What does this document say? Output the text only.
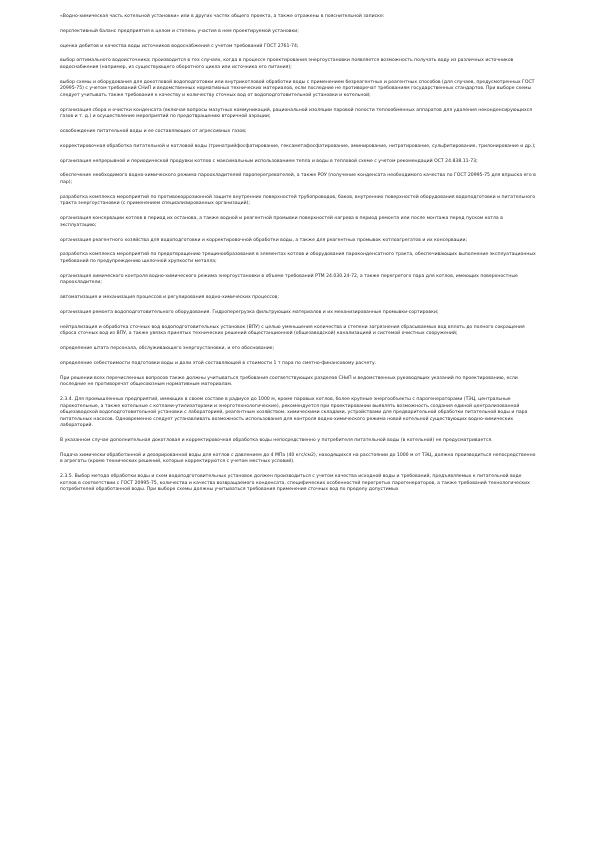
«Водно-химическая часть котельной установки» или в других частях общего проекта, а также отражены в пояснительной записке:

перспективный баланс предприятия в целом и степень участия в нем проектируемой установки;

оценка дебитов и качества воды источников водоснабжения с учетом требований ГОСТ 2761-74;

выбор оптимального водоисточника; производится в тех случаях, когда в процессе проектирования энергоустановки появляется возможность получать воду из различных источников водоснабжения (например, из существующего оборотного цикла или источника его питания);

выбор схемы и оборудования для докотловой водоподготовки или внутрикотловой обработки воды с применением безреагентных и реагентных способов (для случаев, предусмотренных ГОСТ 20995-75) с учетом требований СНиП и ведомственных нормативных технических материалов, если последние не противоречат требованиям государственных стандартов. При выборе схемы следует учитывать также требования к качеству и количеству сточных вод от водоподготовительной установки и котельной;

организация сбора и очистки конденсата (включая вопросы мазутных коммуникаций, рациональной изоляции паровой полости теплообменных аппаратов для удаления неконденсирующихся газов и т. д.) и осуществление мероприятий по предотвращению вторичной аэрации;

освобождение питательной воды и ее составляющих от агрессивных газов;

корректировочная обработка питательной и котловой воды (тринатрийфосфатирование, гексаметафосфатирование, аминирование, нитратирование, сульфитирование, трилонирование и др.);

организация непрерывной и периодической продувки котлов с максимальным использованием тепла и воды в тепловой схеме с учетом рекомендаций ОСТ 24.838.11-73;

обеспечение необходимого водно-химического режима пароохладителей пароперегревателей, а также РОУ (получение конденсата необходимого качества по ГОСТ 20995-75 для впрыска его в пар);

разработка комплекса мероприятий по противокоррозионной защите внутренних поверхностей трубопроводов, баков, внутренних поверхностей оборудования водоподготовки и питательного тракта энергоустановки (с применением специализированных организаций);

организация консервации котлов в период их останова, а также водной и реагентной промывки поверхностей нагрева в период ремонта или после монтажа перед пуском котла в эксплуатацию;

организация реагентного хозяйства для водоподготовки и корректировочной обработки воды, а также для реагентных промывок котлоагрегатов и их консервации;

разработка комплекса мероприятий по предотвращению трещинообразования в элементах котлов и оборудования пароконденсатного тракта, обеспечивающих выполнение эксплуатационных требований по предупреждению щелочной хрупкости металла;

организация химического контроля водно-химического режима энергоустановки в объеме требований РТМ 24.030.24-72, а также перегретого пара для котлов, имеющих поверхностные пароохладители;

автоматизация и механизация процессов и регулирования водно-химических процессов;

организация ремонта водоподготовительного оборудования. Гидроперегрузка фильтрующих материалов и их механизированные промывки-сортировки;

нейтрализация и обработка сточных вод водоподготовительных установок (ВПУ) с целью уменьшения количества и степени загрязнения сбрасываемых вод вплоть до полного сокращения сброса сточных вод из ВПУ, а также увязка принятых технических решений общестанционной (общезаводской) канализацией и системой очистных сооружений;

определение штата персонала, обслуживающего энергоустановки, и его обоснование;

определение себестоимости подготовки воды и доли этой составляющей в стоимости 1 т пара по сметно-финансовому расчету.

При решении всех перечисленных вопросов также должны учитываться требования соответствующих разделов СНиП и ведомственных руководящих указаний по проектированию, если последние не противоречат общесоюзным нормативным материалам.

2.3.4. Для промышленных предприятий, имеющих в своем составе в радиусе до 1000 м, кроме паровых котлов, более крупные энергообъекты с парогенераторами (ТЭЦ, центральные парокотельные, а также котельные с котлами-утилизаторами и энерготехнологические), рекомендуется при проектировании выявлять возможность создания единой централизованной общезаводской водоподготовительной установки с лабораторией, реагентным хозяйством, химическими складами, устройствами для предварительной обработки питательной воды и пара питательных насосов. Одновременно следует устанавливать возможность использования для контроля водно-химического режима новой котельной существующих водно-химических лабораторий.

В указанном случае дополнительная докотловая и корректировочная обработка воды непосредственно у потребителя питательной воды (в котельной) не предусматривается.

Подача химически обработанной и деаэрированной воды для котлов с давлением до 4 МПа (40 кгс/см2), находящихся на расстоянии до 1000 м от ТЭЦ, должна производиться непосредственно в агрегаты (кроме технических решений, которые корректируются с учетом местных условий).

2.3.5. Выбор метода обработки воды и схем водоподготовительных установок должен производиться с учетом качества исходной воды и требований, предъявляемых к питательной воде котлов в соответствии с ГОСТ 20995-75, количества и качества возвращаемого конденсата, специфических особенностей перегретых парогенераторов, а также требований технологических потребителей обработанной воды. При выборе схемы должны учитываться требования применения сточных вод по пределу допустимых
